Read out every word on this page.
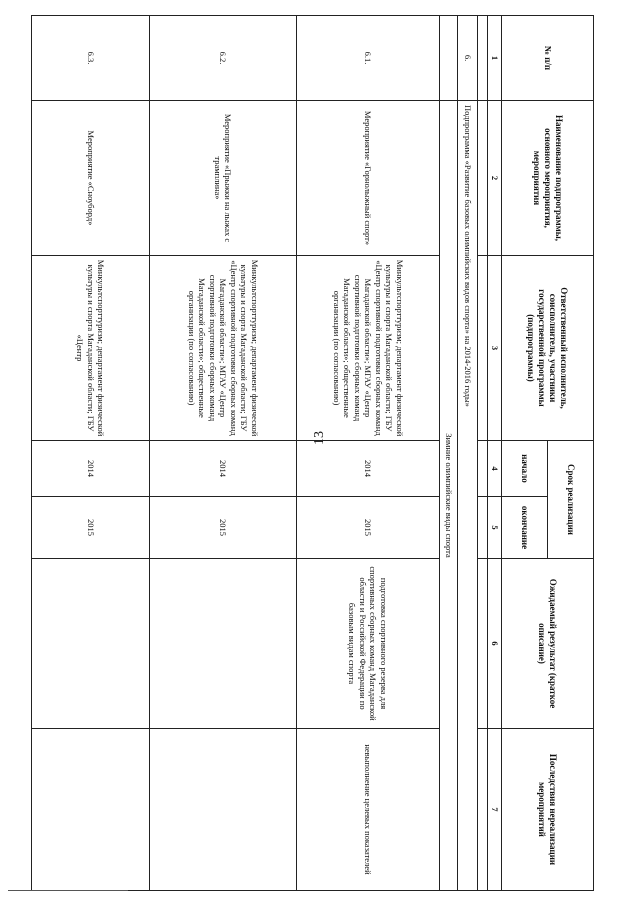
13
№ п/п	Наименование подпрограммы, основного мероприятия, мероприятия	Ответственный исполнитель, соисполнитель, участники государственной программы (подпрограммы)	Срок реализации		Ожидаемый результат (краткое описание)	Последствия нереализации мероприятий
			начало	окончание		
1	2	3	4	5	6	7

6.	Подпрограмма «Развитие базовых олимпийских видов спорта» на 2014-2016 годы»					
	Зимние олимпийские виды спорта					
6.1.	Мероприятие «Горнолыжный спорт»	Минкультспорттуризм; департамент физической культуры и спорта Магаданской области; ГБУ «Центр спортивной подготовки сборных команд Магаданской области»; МГАУ «Центр спортивной подготовки сборных команд Магаданской области»; общественные организации (по согласованию)	2014	2015	подготовка спортивного резерва для спортивных сборных команд Магаданской области и Российской Федерации по базовым видам спорта	невыполнение целевых показателей
6.2.	Мероприятие «Прыжки на лыжах с трамплина»	Минкультспорттуризм; департамент физической культуры и спорта Магаданской области; ГБУ «Центр спортивной подготовки сборных команд Магаданской области»; МГАУ «Центр спортивной подготовки сборных команд Магаданской области»; общественные организации (по согласованию)	2014	2015		
6.3.	Мероприятие «Сноуборд»	Минкультспорттуризм; департамент физической культуры и спорта Магаданской области; ГБУ «Центр	2014	2015		
